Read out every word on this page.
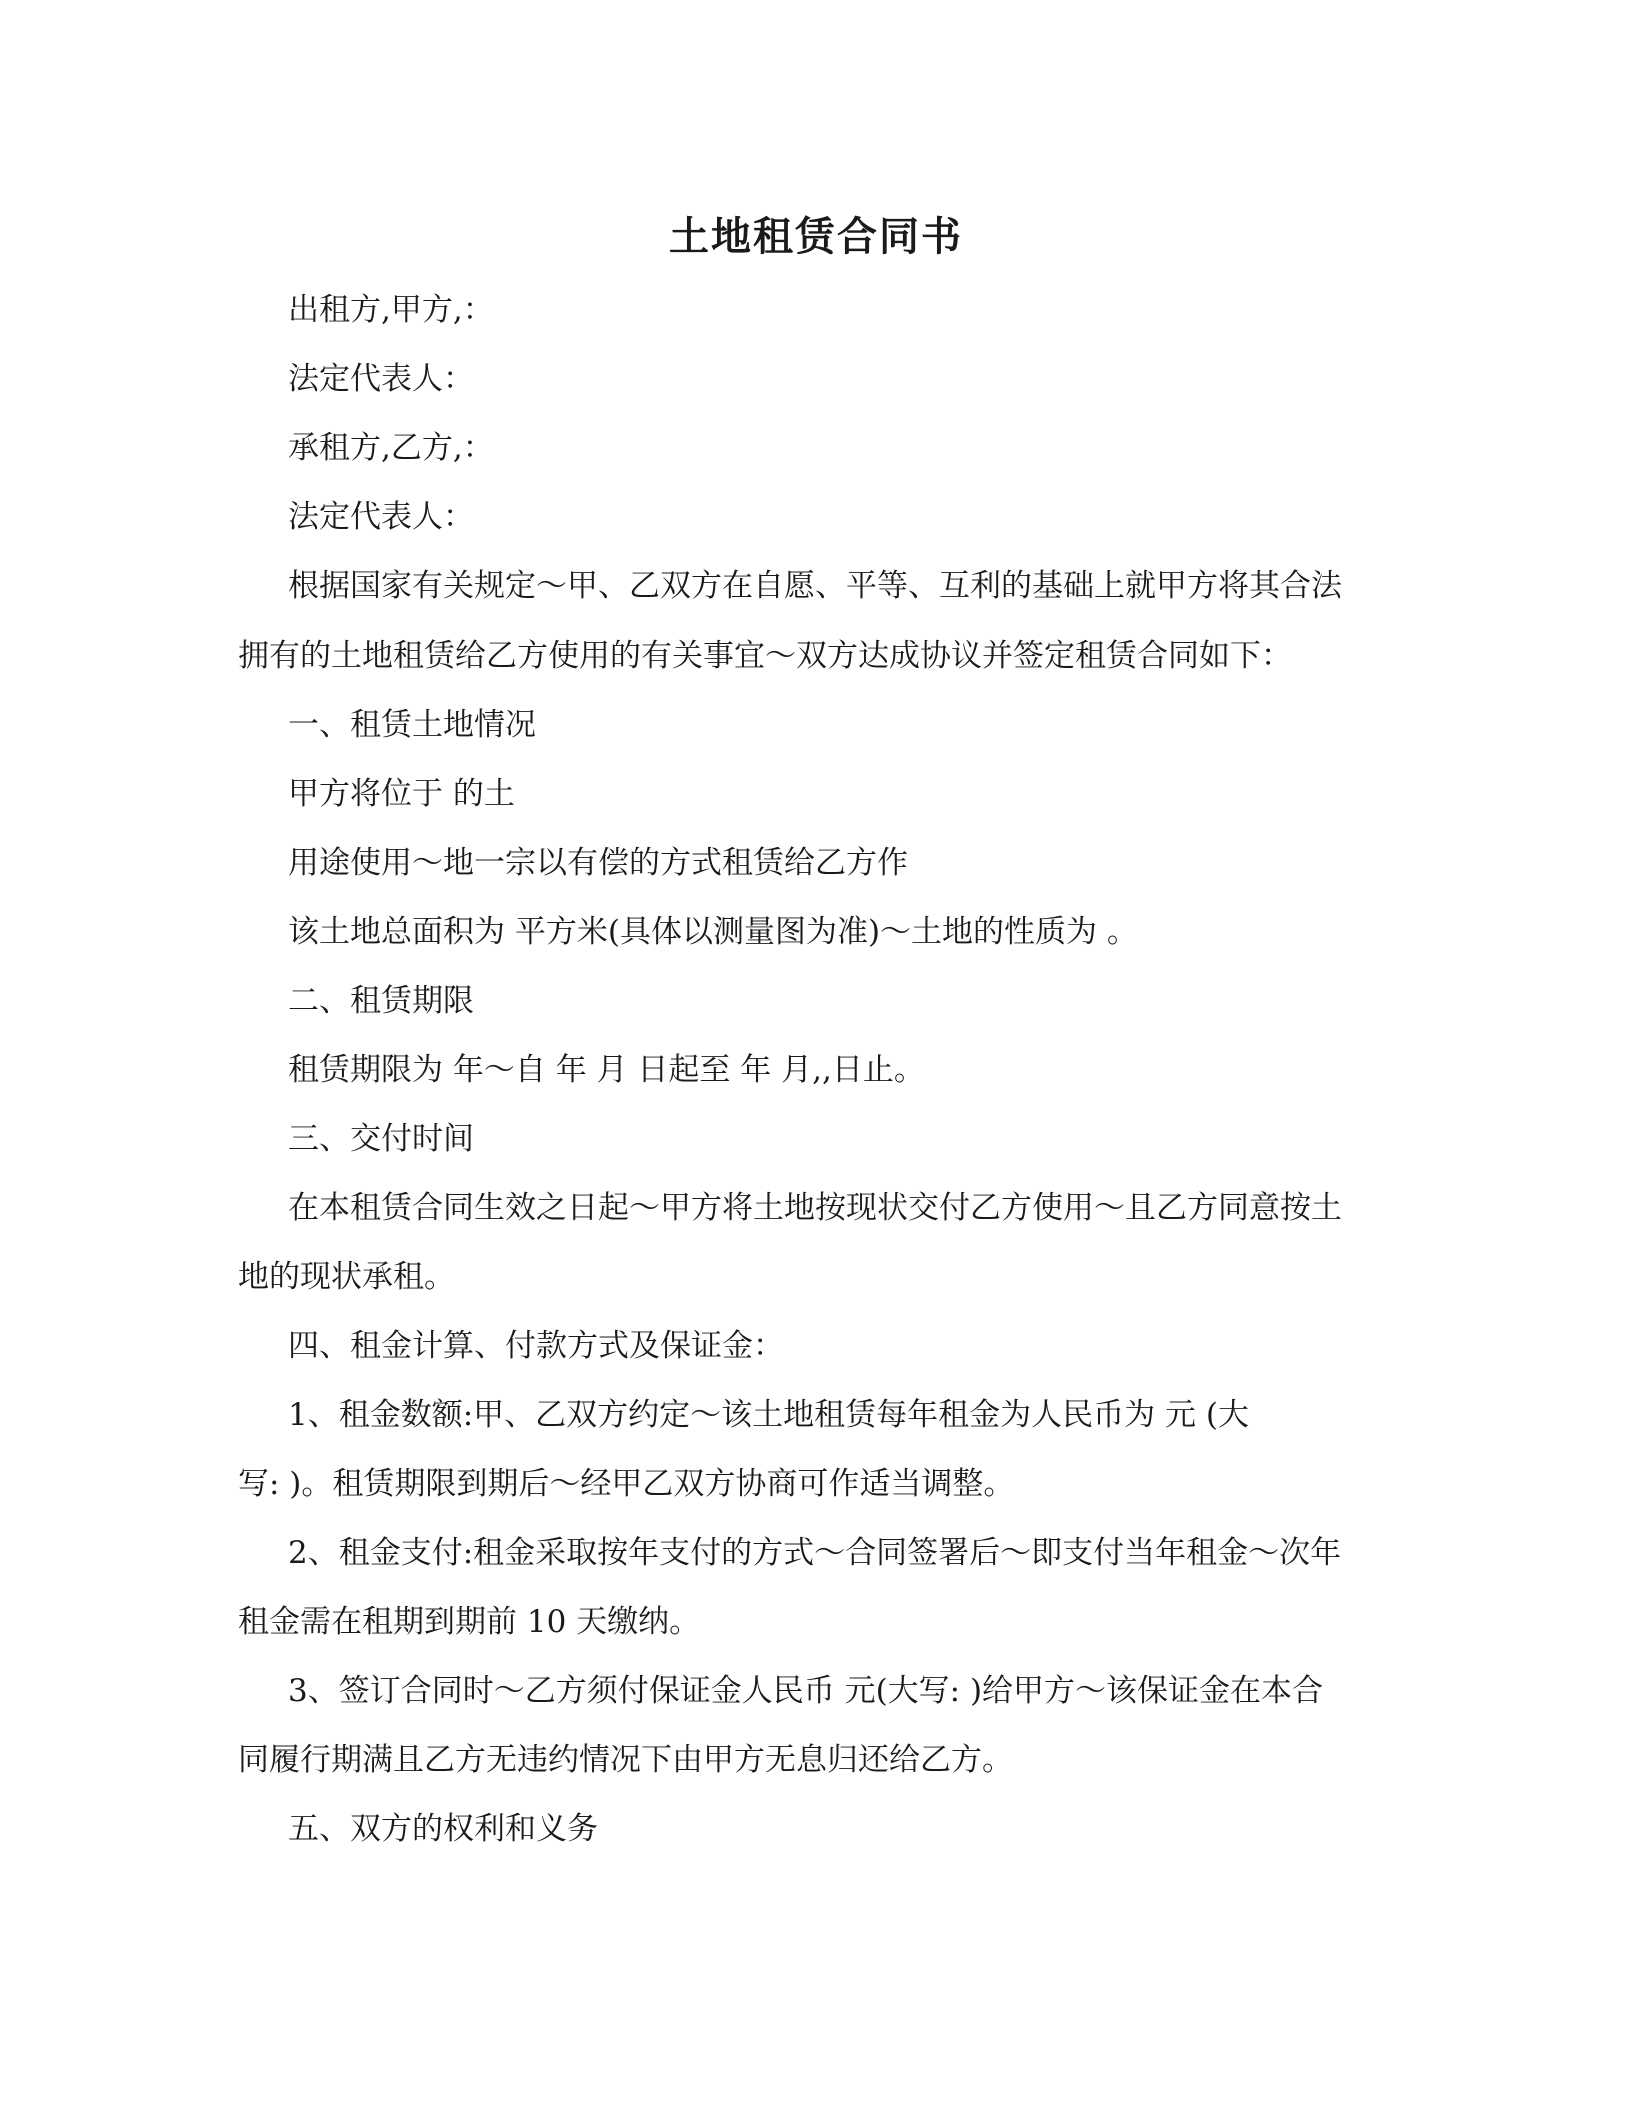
土地租赁合同书
出租方,甲方,：
法定代表人：
承租方,乙方,：
法定代表人：
根据国家有关规定～甲、乙双方在自愿、平等、互利的基础上就甲方将其合法
拥有的土地租赁给乙方使用的有关事宜～双方达成协议并签定租赁合同如下：
一、租赁土地情况
甲方将位于 的土
用途使用～地一宗以有偿的方式租赁给乙方作
该土地总面积为 平方米(具体以测量图为准)～土地的性质为 。
二、租赁期限
租赁期限为 年～自 年 月 日起至 年 月,,日止。
三、交付时间
在本租赁合同生效之日起～甲方将土地按现状交付乙方使用～且乙方同意按土
地的现状承租。
四、租金计算、付款方式及保证金：
1、租金数额:甲、乙双方约定～该土地租赁每年租金为人民币为 元 (大
写: )。租赁期限到期后～经甲乙双方协商可作适当调整。
2、租金支付:租金采取按年支付的方式～合同签署后～即支付当年租金～次年
租金需在租期到期前 10 天缴纳。
3、签订合同时～乙方须付保证金人民币 元(大写: )给甲方～该保证金在本合
同履行期满且乙方无违约情况下由甲方无息归还给乙方。
五、双方的权利和义务
